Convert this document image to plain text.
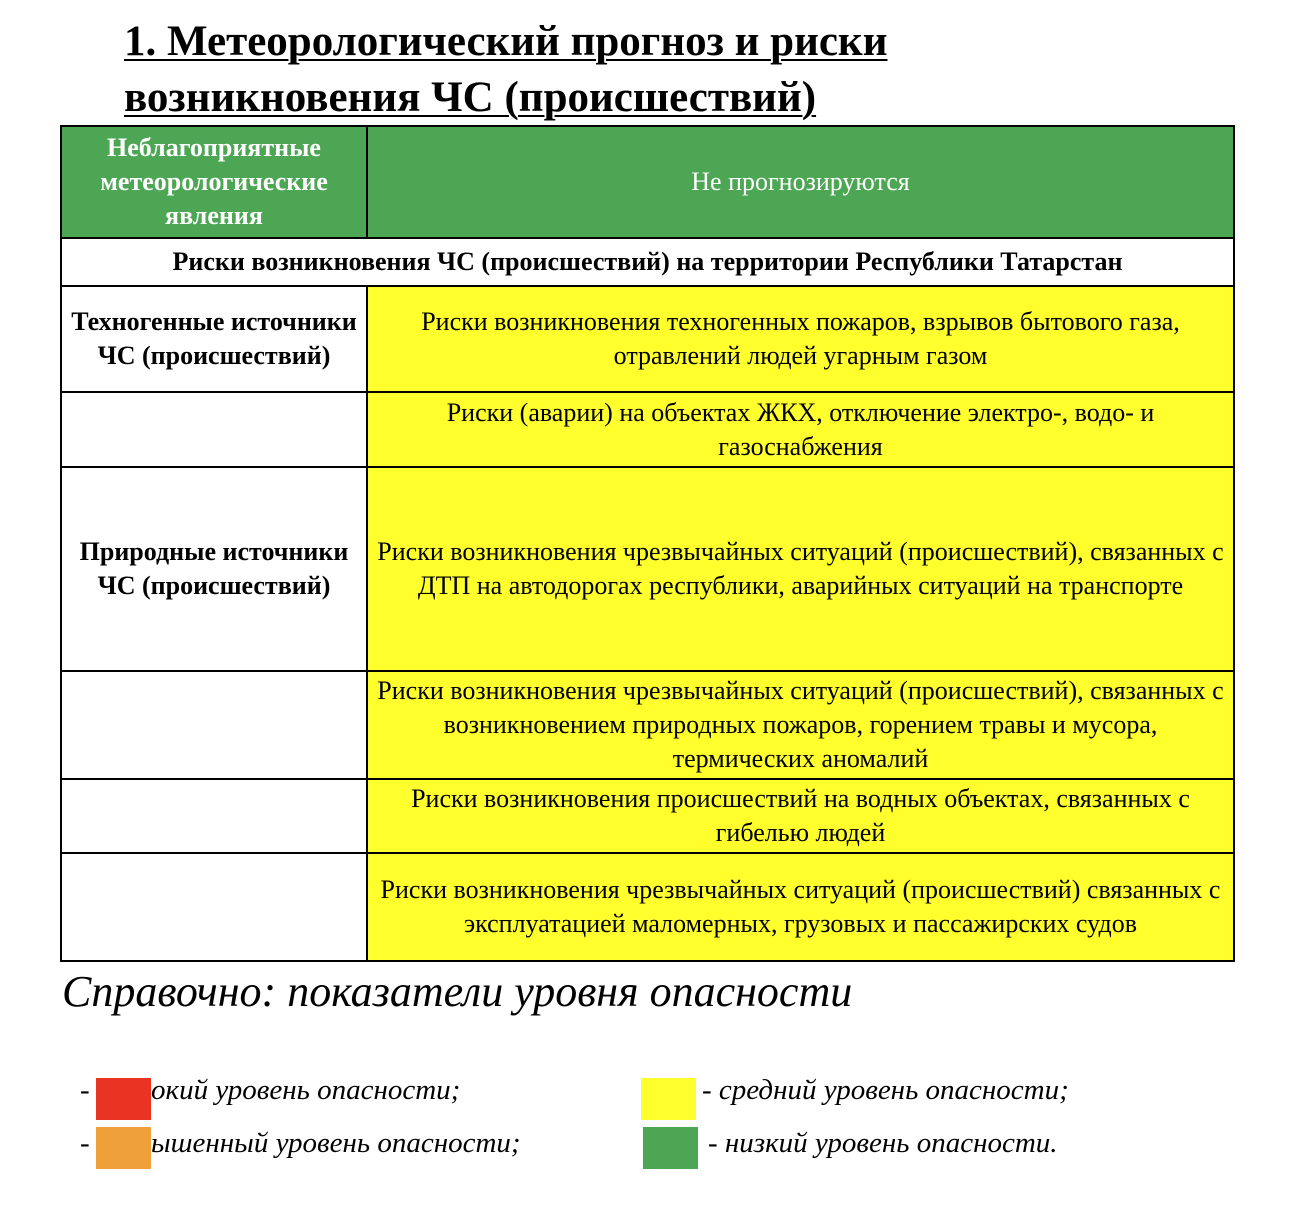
1. Метеорологический прогноз и риски
возникновения ЧС (происшествий)
Неблагоприятные метеорологические явления	Не прогнозируются
Риски возникновения ЧС (происшествий) на территории Республики Татарстан	
Техногенные источники ЧС (происшествий)	Риски возникновения техногенных пожаров, взрывов бытового газа, отравлений людей угарным газом
	Риски (аварии) на объектах ЖКХ, отключение электро-, водо- и газоснабжения
Природные источники ЧС (происшествий)	Риски возникновения чрезвычайных ситуаций (происшествий), связанных с ДТП на автодорогах республики, аварийных ситуаций на транспорте
	Риски возникновения чрезвычайных ситуаций (происшествий), связанных с возникновением природных пожаров, горением травы и мусора, термических аномалий
	Риски возникновения происшествий на водных объектах, связанных с гибелью людей
	Риски возникновения чрезвычайных ситуаций (происшествий) связанных с эксплуатацией маломерных, грузовых и пассажирских судов
Справочно: показатели уровня опасности
- окий уровень опасности;
- ышенный уровень опасности;
- средний уровень опасности;
- низкий уровень опасности.
